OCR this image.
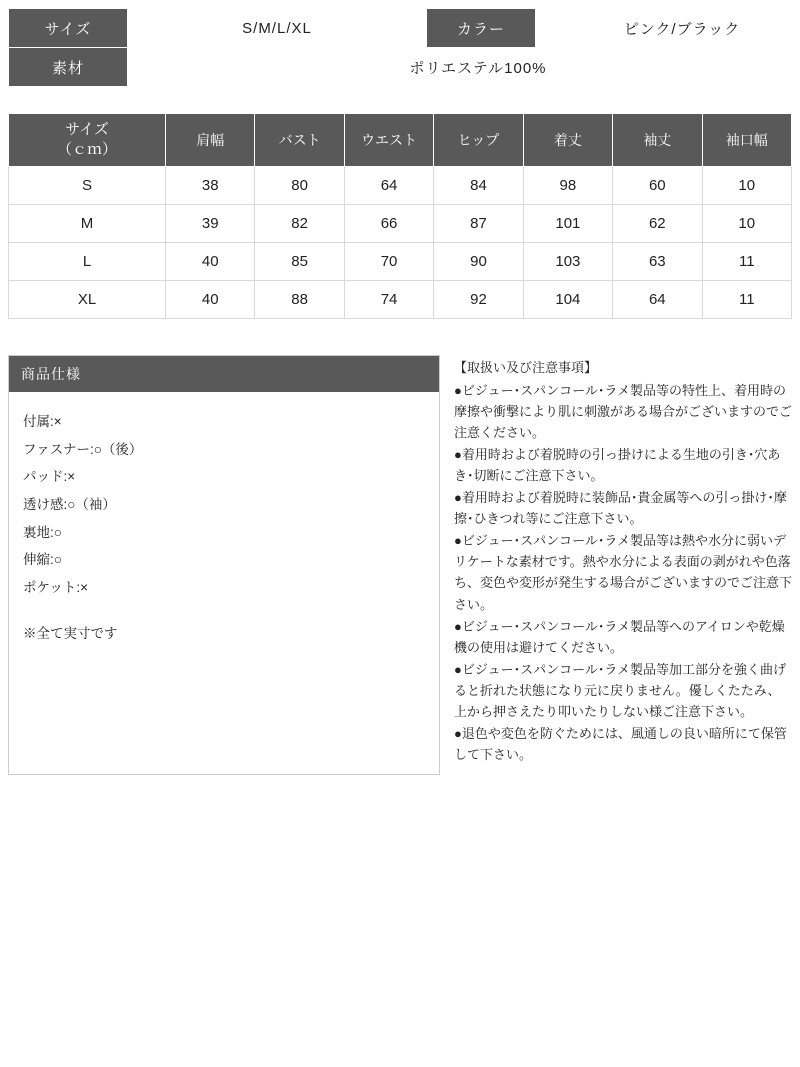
サイズ	S/M/L/XL	カラー	ピンク/ブラック
素材	ポリエステル100%		
サイズ
（ｃｍ）	肩幅	バスト	ウエスト	ヒップ	着丈	袖丈	袖口幅
S	38	80	64	84	98	60	10
M	39	82	66	87	101	62	10
L	40	85	70	90	103	63	11
XL	40	88	74	92	104	64	11
商品仕様
付属:×
ファスナー:○（後）
パッド:×
透け感:○（袖）
裏地:○
伸縮:○
ポケット:×
※全て実寸です
【取扱い及び注意事項】

●ビジュー･スパンコール･ラメ製品等の特性上、着用時の摩擦や衝撃により肌に刺激がある場合がございますのでご注意ください。

●着用時および着脱時の引っ掛けによる生地の引き･穴あき･切断にご注意下さい。

●着用時および着脱時に装飾品･貴金属等への引っ掛け･摩擦･ひきつれ等にご注意下さい。

●ビジュー･スパンコール･ラメ製品等は熱や水分に弱いデリケートな素材です。熱や水分による表面の剥がれや色落ち、変色や変形が発生する場合がございますのでご注意下さい。

●ビジュー･スパンコール･ラメ製品等へのアイロンや乾燥機の使用は避けてください。

●ビジュー･スパンコール･ラメ製品等加工部分を強く曲げると折れた状態になり元に戻りません。優しくたたみ、上から押さえたり叩いたりしない様ご注意下さい。

●退色や変色を防ぐためには、風通しの良い暗所にて保管して下さい。
